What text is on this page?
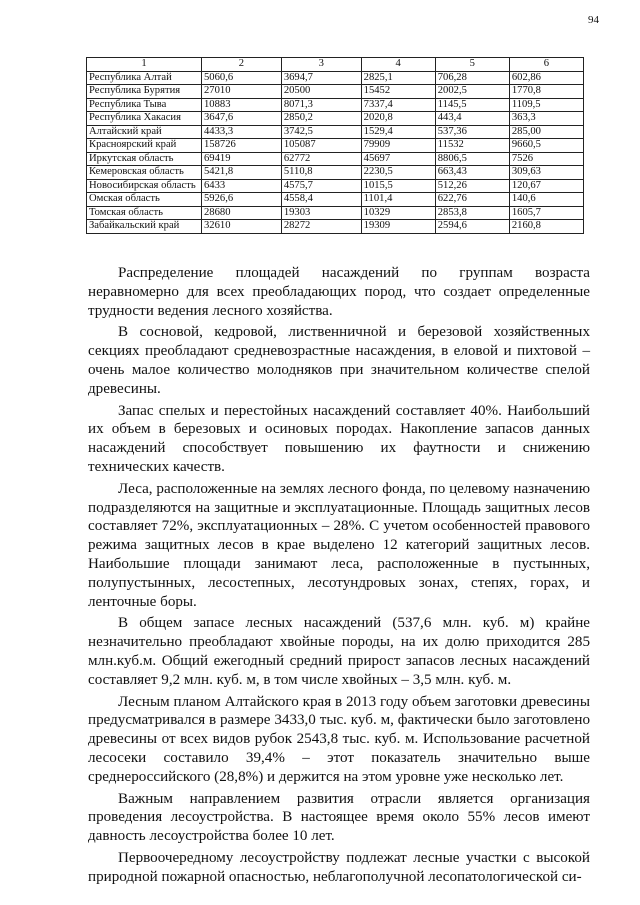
94
1	2	3	4	5	6
Республика Алтай	5060,6	3694,7	2825,1	706,28	602,86
Республика Бурятия	27010	20500	15452	2002,5	1770,8
Республика Тыва	10883	8071,3	7337,4	1145,5	1109,5
Республика Хакасия	3647,6	2850,2	2020,8	443,4	363,3
Алтайский край	4433,3	3742,5	1529,4	537,36	285,00
Красноярский край	158726	105087	79909	11532	9660,5
Иркутская область	69419	62772	45697	8806,5	7526
Кемеровская область	5421,8	5110,8	2230,5	663,43	309,63
Новосибирская область	6433	4575,7	1015,5	512,26	120,67
Омская область	5926,6	4558,4	1101,4	622,76	140,6
Томская область	28680	19303	10329	2853,8	1605,7
Забайкальский край	32610	28272	19309	2594,6	2160,8

Распределение площадей насаждений по группам возраста неравномерно для всех преобладающих пород, что создает определенные трудности ведения лесного хозяйства.

В сосновой, кедровой, лиственничной и березовой хозяйственных секциях преобладают средневозрастные насаждения, в еловой и пихтовой – очень малое количество молодняков при значительном количестве спелой древесины.

Запас спелых и перестойных насаждений составляет 40%. Наибольший их объем в березовых и осиновых породах. Накопление запасов данных насаждений способствует повышению их фаутности и снижению технических качеств.

Леса, расположенные на землях лесного фонда, по целевому назначению подразделяются на защитные и эксплуатационные. Площадь защитных лесов составляет 72%, эксплуатационных – 28%. С учетом особенностей правового режима защитных лесов в крае выделено 12 категорий защитных лесов. Наибольшие площади занимают леса, расположенные в пустынных, полупустынных, лесостепных, лесотундровых зонах, степях, горах, и ленточные боры.

В общем запасе лесных насаждений (537,6 млн. куб. м) крайне незначительно преобладают хвойные породы, на их долю приходится 285 млн.куб.м. Общий ежегодный средний прирост запасов лесных насаждений составляет 9,2 млн. куб. м, в том числе хвойных – 3,5 млн. куб. м.

Лесным планом Алтайского края в 2013 году объем заготовки древесины предусматривался в размере 3433,0 тыс. куб. м, фактически было заготовлено древесины от всех видов рубок 2543,8 тыс. куб. м. Использование расчетной лесосеки составило 39,4% – этот показатель значительно выше среднероссийского (28,8%) и держится на этом уровне уже несколько лет.

Важным направлением развития отрасли является организация проведения лесоустройства. В настоящее время около 55% лесов имеют давность лесоустройства более 10 лет.

Первоочередному лесоустройству подлежат лесные участки с высокой природной пожарной опасностью, неблагополучной лесопатологической си-
